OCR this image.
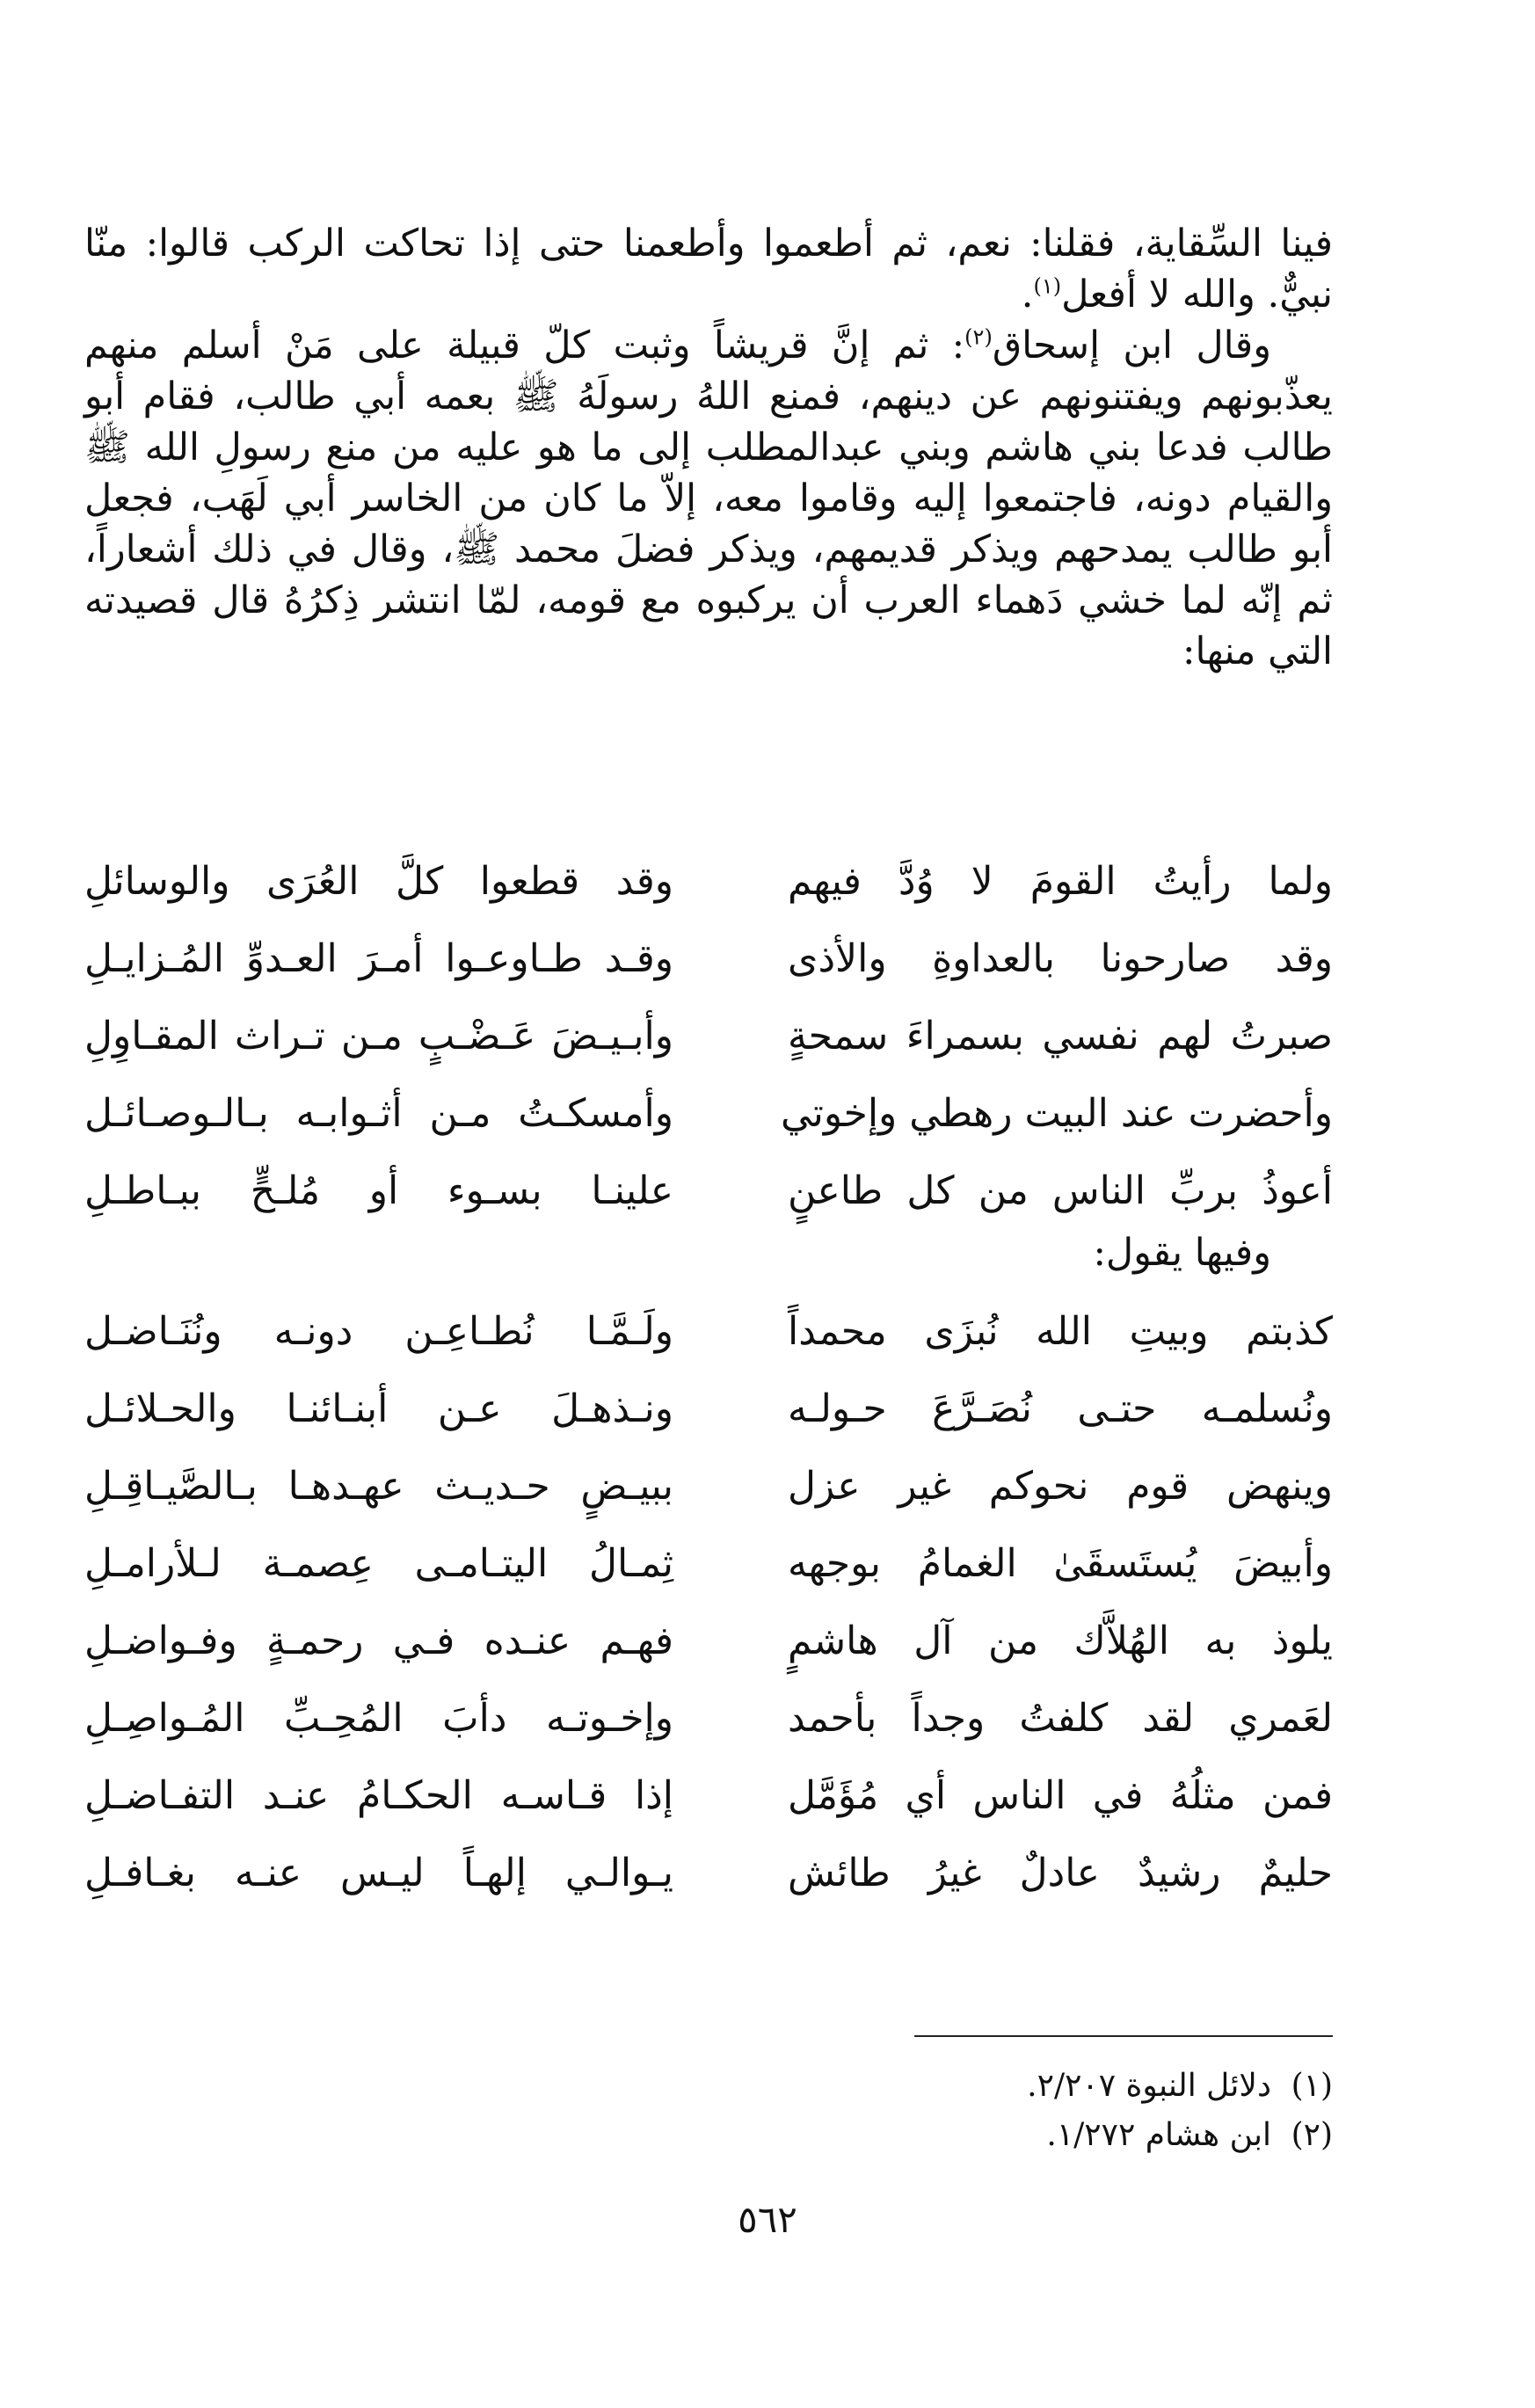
فينا السِّقاية، فقلنا: نعم، ثم أطعموا وأطعمنا حتى إذا تحاكت الركب قالوا: منّا نبيٌّ. والله لا أفعل$^{(١)}$.

وقال ابن إسحاق$^{(٢)}$: ثم إنَّ قريشاً وثبت كلّ قبيلة على مَنْ أسلم منهم يعذّبونهم ويفتنونهم عن دينهم، فمنع اللهُ رسولَهُ ﷺ بعمه أبي طالب، فقام أبو طالب فدعا بني هاشم وبني عبدالمطلب إلى ما هو عليه من منع رسولِ الله ﷺ والقيام دونه، فاجتمعوا إليه وقاموا معه، إلاّ ما كان من الخاسر أبي لَهَب، فجعل أبو طالب يمدحهم ويذكر قديمهم، ويذكر فضلَ محمد ﷺ، وقال في ذلك أشعاراً، ثم إنّه لما خشي دَهماء العرب أن يركبوه مع قومه، لمّا انتشر ذِكرُهُ قال قصيدته التي منها:

ولما رأيتُ القومَ لا وُدَّ فيهم
وقد قطعوا كلَّ العُرَى والوسائلِ
وقد صارحونا بالعداوةِ والأذى
وقـد طـاوعـوا أمـرَ العـدوِّ المُـزايـلِ
صبرتُ لهم نفسي بسمراءَ سمحةٍ
وأبـيـضَ عَـضْـبٍ مـن تـراث المقـاوِلِ
وأحضرت عند البيت رهطي وإخوتي
وأمسكـتُ مـن أثـوابـه بـالـوصـائـل
أعوذُ بربِّ الناس من كل طاعنٍ
علينـا بسـوء أو مُلـحٍّ ببـاطـلِ
وفيها يقول:
كذبتم وبيتِ الله نُبزَى محمداً
ولَـمَّـا نُطـاعِـن دونـه ونُنَـاضـل
ونُسلمـه حتـى نُصَـرَّعَ حـولـه
ونـذهـلَ عـن أبنـائنـا والحـلائـل
وينهض قوم نحوكم غير عزل
ببيـضٍ حـديـث عهـدهـا بـالصَّيـاقِـلِ
وأبيضَ يُستَسقَىٰ الغمامُ بوجهه
ثِمـالُ اليتـامـى عِصمـة لـلأرامـلِ
يلوذ به الهُلاَّك من آل هاشمٍ
فهـم عنـده فـي رحمـةٍ وفـواضـلِ
لعَمري لقد كلفتُ وجداً بأحمد
وإخـوتـه دأبَ المُحِـبِّ المُـواصِـلِ
فمن مثلُهُ في الناس أي مُؤَمَّل
إذا قـاسـه الحكـامُ عنـد التفـاضـلِ
حليمٌ رشيدٌ عادلٌ غيرُ طائش
يـوالـي إلهـاً ليـس عنـه بغـافـلِ
(١)
دلائل النبوة ٢/٢٠٧.
(٢)
ابن هشام ١/٢٧٢.
٥٦٢
